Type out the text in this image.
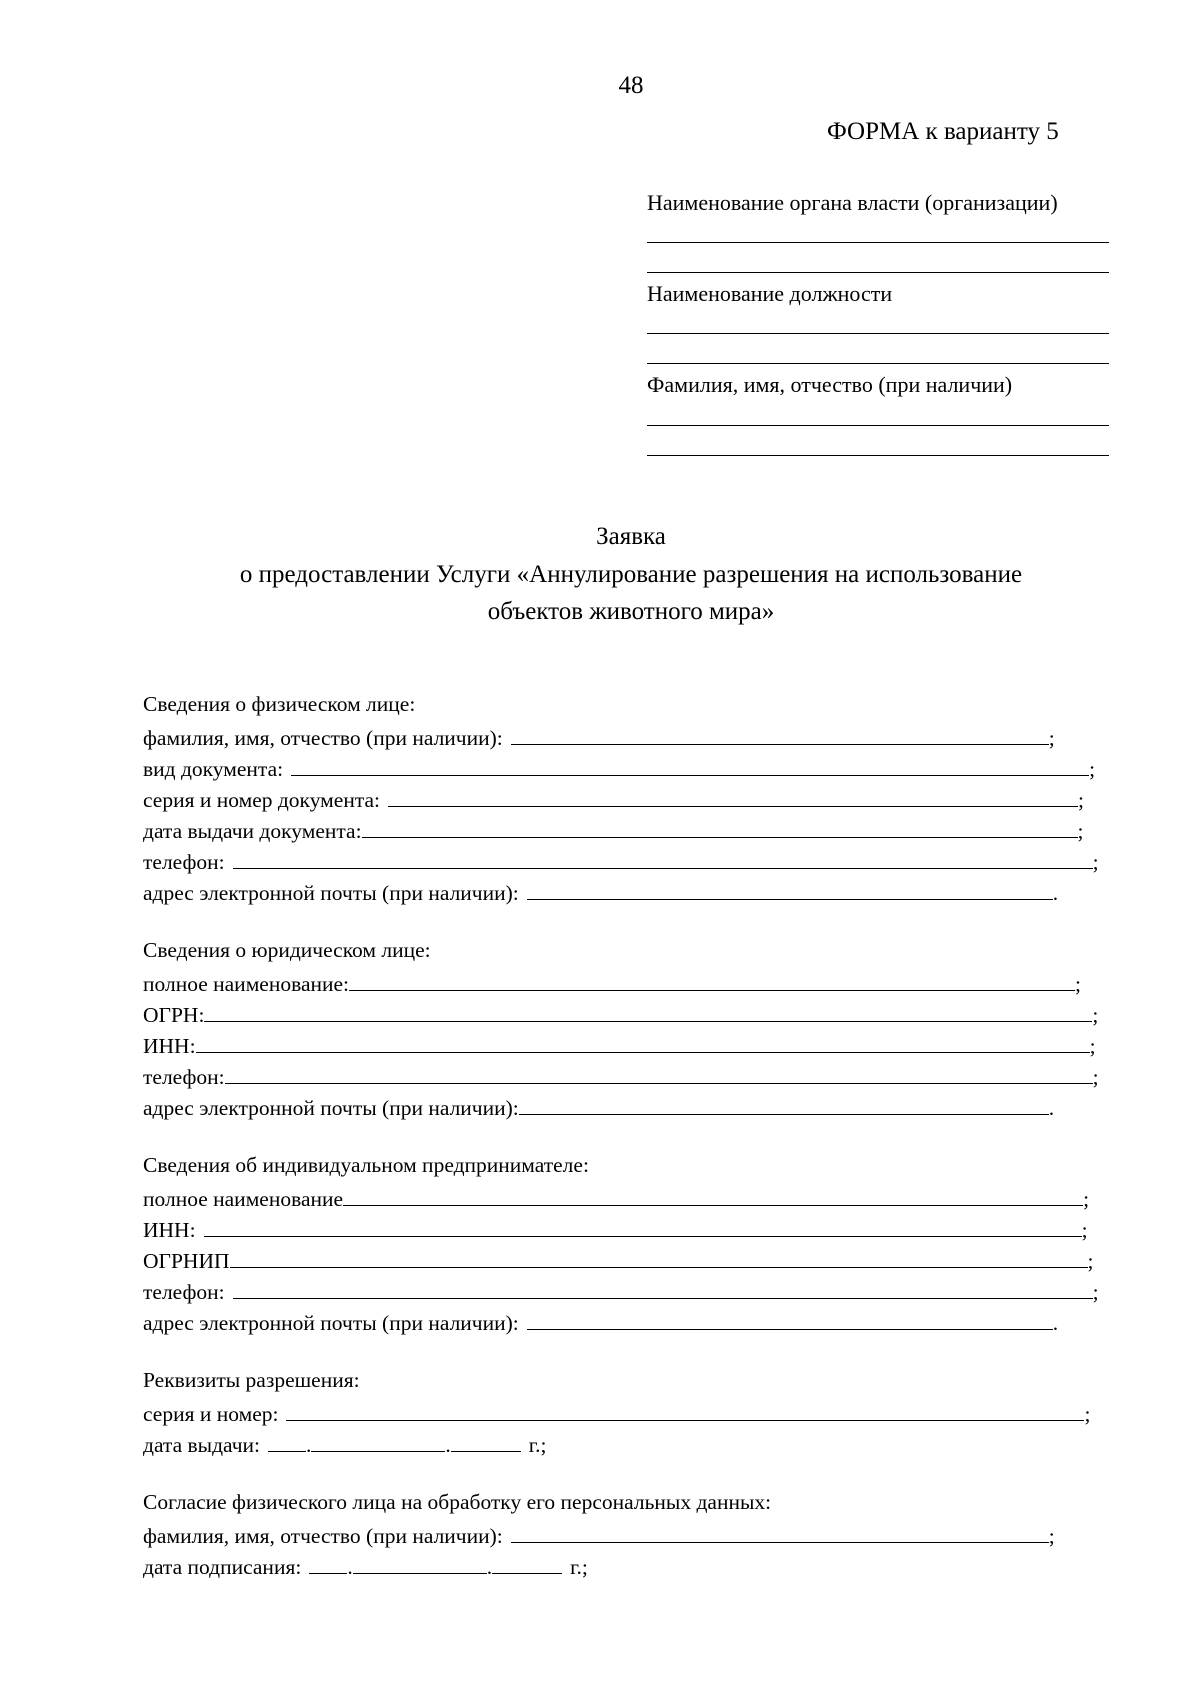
48
ФОРМА к варианту 5
Наименование органа власти (организации)
Наименование должности
Фамилия, имя, отчество (при наличии)
Заявка
о предоставлении Услуги «Аннулирование разрешения на использование
объектов животного мира»
Сведения о физическом лице:
фамилия, имя, отчество (при наличии):	;
вид документа:	;
серия и номер документа:	;
дата выдачи документа:	;
телефон:	;
адрес электронной почты (при наличии):	.
Сведения о юридическом лице:
полное наименование:	;
ОГРН:	;
ИНН:	;
телефон:	;
адрес электронной почты (при наличии):	.
Сведения об индивидуальном предпринимателе:
полное наименование	;
ИНН:	;
ОГРНИП	;
телефон:	;
адрес электронной почты (при наличии):	.
Реквизиты разрешения:
серия и номер:	;
дата выдачи: .	.	г.;
Согласие физического лица на обработку его персональных данных:
фамилия, имя, отчество (при наличии):	;
дата подписания: .	.	г.;
